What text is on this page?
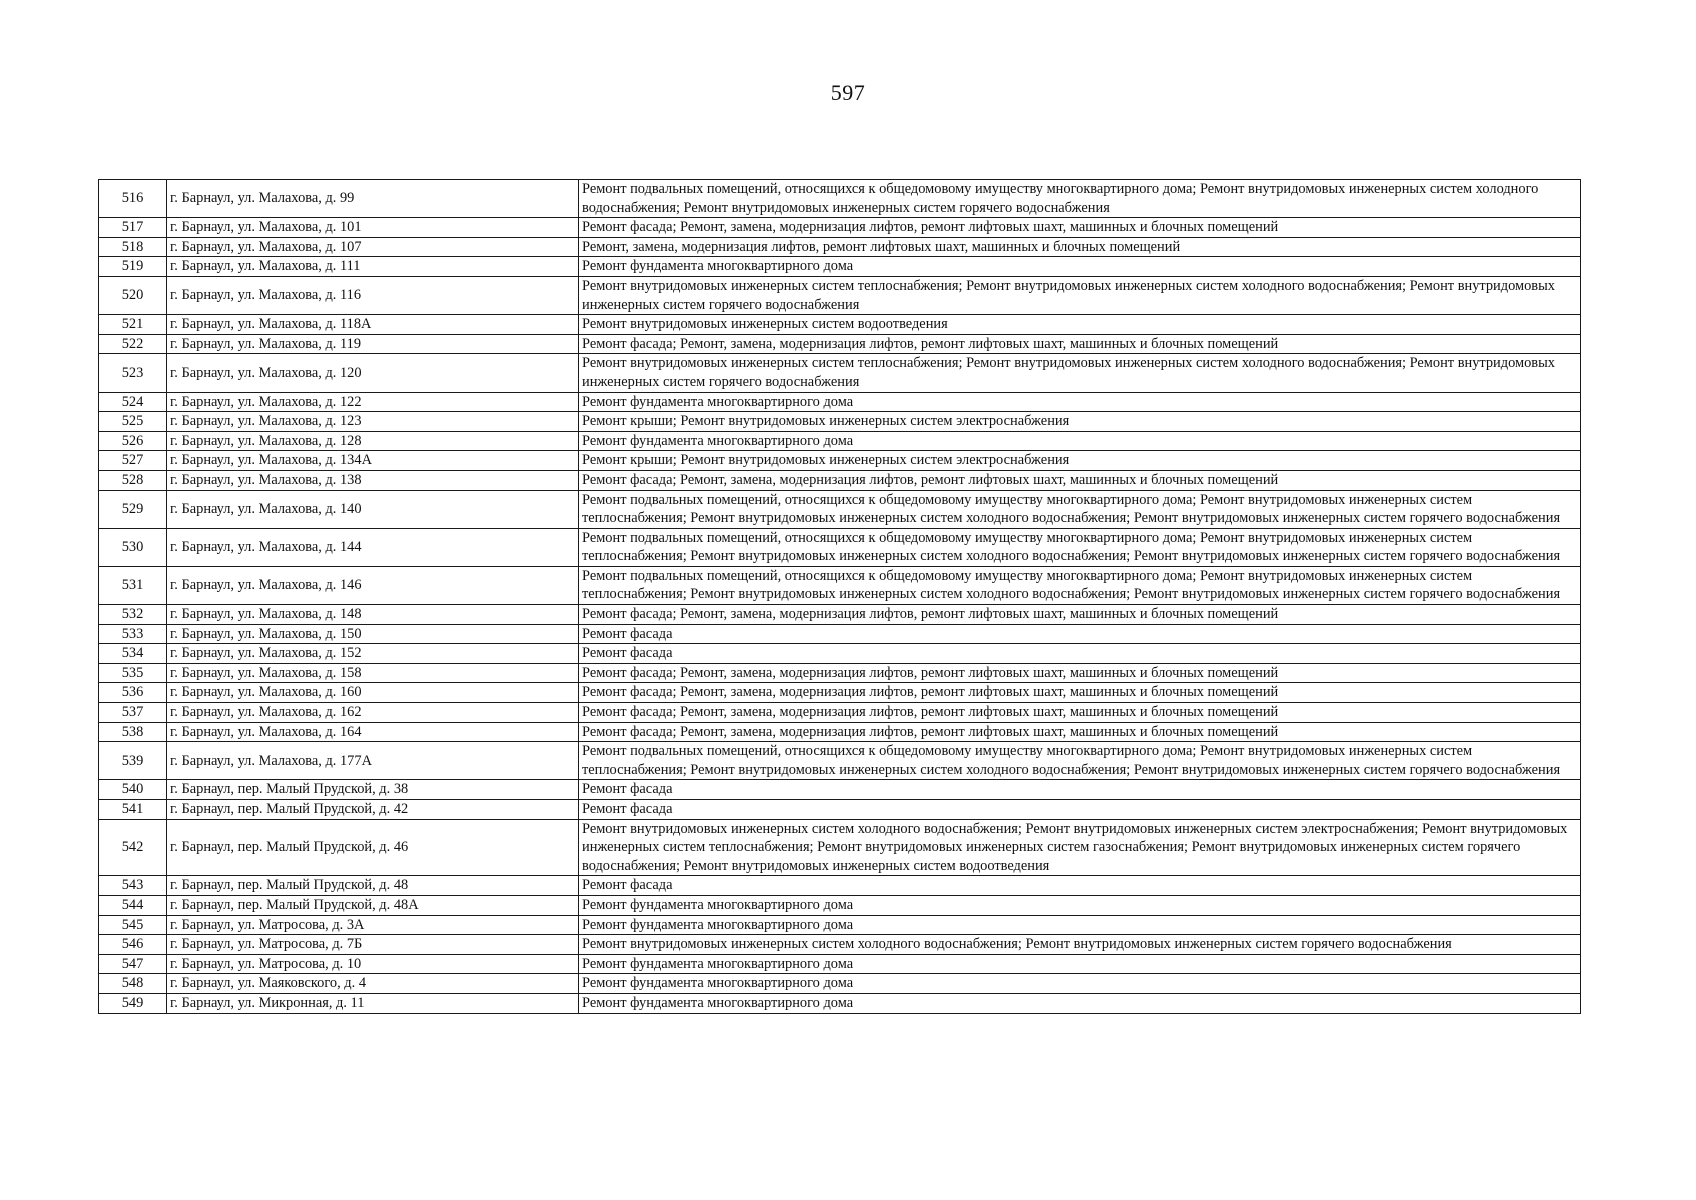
597
516	г. Барнаул, ул. Малахова, д. 99	Ремонт подвальных помещений, относящихся к общедомовому имуществу многоквартирного дома; Ремонт внутридомовых инженерных систем холодного водоснабжения; Ремонт внутридомовых инженерных систем горячего водоснабжения
517	г. Барнаул, ул. Малахова, д. 101	Ремонт фасада; Ремонт, замена, модернизация лифтов, ремонт лифтовых шахт, машинных и блочных помещений
518	г. Барнаул, ул. Малахова, д. 107	Ремонт, замена, модернизация лифтов, ремонт лифтовых шахт, машинных и блочных помещений
519	г. Барнаул, ул. Малахова, д. 111	Ремонт фундамента многоквартирного дома
520	г. Барнаул, ул. Малахова, д. 116	Ремонт внутридомовых инженерных систем теплоснабжения; Ремонт внутридомовых инженерных систем холодного водоснабжения; Ремонт внутридомовых инженерных систем горячего водоснабжения
521	г. Барнаул, ул. Малахова, д. 118А	Ремонт внутридомовых инженерных систем водоотведения
522	г. Барнаул, ул. Малахова, д. 119	Ремонт фасада; Ремонт, замена, модернизация лифтов, ремонт лифтовых шахт, машинных и блочных помещений
523	г. Барнаул, ул. Малахова, д. 120	Ремонт внутридомовых инженерных систем теплоснабжения; Ремонт внутридомовых инженерных систем холодного водоснабжения; Ремонт внутридомовых инженерных систем горячего водоснабжения
524	г. Барнаул, ул. Малахова, д. 122	Ремонт фундамента многоквартирного дома
525	г. Барнаул, ул. Малахова, д. 123	Ремонт крыши; Ремонт внутридомовых инженерных систем электроснабжения
526	г. Барнаул, ул. Малахова, д. 128	Ремонт фундамента многоквартирного дома
527	г. Барнаул, ул. Малахова, д. 134А	Ремонт крыши; Ремонт внутридомовых инженерных систем электроснабжения
528	г. Барнаул, ул. Малахова, д. 138	Ремонт фасада; Ремонт, замена, модернизация лифтов, ремонт лифтовых шахт, машинных и блочных помещений
529	г. Барнаул, ул. Малахова, д. 140	Ремонт подвальных помещений, относящихся к общедомовому имуществу многоквартирного дома; Ремонт внутридомовых инженерных систем теплоснабжения; Ремонт внутридомовых инженерных систем холодного водоснабжения; Ремонт внутридомовых инженерных систем горячего водоснабжения
530	г. Барнаул, ул. Малахова, д. 144	Ремонт подвальных помещений, относящихся к общедомовому имуществу многоквартирного дома; Ремонт внутридомовых инженерных систем теплоснабжения; Ремонт внутридомовых инженерных систем холодного водоснабжения; Ремонт внутридомовых инженерных систем горячего водоснабжения
531	г. Барнаул, ул. Малахова, д. 146	Ремонт подвальных помещений, относящихся к общедомовому имуществу многоквартирного дома; Ремонт внутридомовых инженерных систем теплоснабжения; Ремонт внутридомовых инженерных систем холодного водоснабжения; Ремонт внутридомовых инженерных систем горячего водоснабжения
532	г. Барнаул, ул. Малахова, д. 148	Ремонт фасада; Ремонт, замена, модернизация лифтов, ремонт лифтовых шахт, машинных и блочных помещений
533	г. Барнаул, ул. Малахова, д. 150	Ремонт фасада
534	г. Барнаул, ул. Малахова, д. 152	Ремонт фасада
535	г. Барнаул, ул. Малахова, д. 158	Ремонт фасада; Ремонт, замена, модернизация лифтов, ремонт лифтовых шахт, машинных и блочных помещений
536	г. Барнаул, ул. Малахова, д. 160	Ремонт фасада; Ремонт, замена, модернизация лифтов, ремонт лифтовых шахт, машинных и блочных помещений
537	г. Барнаул, ул. Малахова, д. 162	Ремонт фасада; Ремонт, замена, модернизация лифтов, ремонт лифтовых шахт, машинных и блочных помещений
538	г. Барнаул, ул. Малахова, д. 164	Ремонт фасада; Ремонт, замена, модернизация лифтов, ремонт лифтовых шахт, машинных и блочных помещений
539	г. Барнаул, ул. Малахова, д. 177А	Ремонт подвальных помещений, относящихся к общедомовому имуществу многоквартирного дома; Ремонт внутридомовых инженерных систем теплоснабжения; Ремонт внутридомовых инженерных систем холодного водоснабжения; Ремонт внутридомовых инженерных систем горячего водоснабжения
540	г. Барнаул, пер. Малый Прудской, д. 38	Ремонт фасада
541	г. Барнаул, пер. Малый Прудской, д. 42	Ремонт фасада
542	г. Барнаул, пер. Малый Прудской, д. 46	Ремонт внутридомовых инженерных систем холодного водоснабжения; Ремонт внутридомовых инженерных систем электроснабжения; Ремонт внутридомовых инженерных систем теплоснабжения; Ремонт внутридомовых инженерных систем газоснабжения; Ремонт внутридомовых инженерных систем горячего водоснабжения; Ремонт внутридомовых инженерных систем водоотведения
543	г. Барнаул, пер. Малый Прудской, д. 48	Ремонт фасада
544	г. Барнаул, пер. Малый Прудской, д. 48А	Ремонт фундамента многоквартирного дома
545	г. Барнаул, ул. Матросова, д. 3А	Ремонт фундамента многоквартирного дома
546	г. Барнаул, ул. Матросова, д. 7Б	Ремонт внутридомовых инженерных систем холодного водоснабжения; Ремонт внутридомовых инженерных систем горячего водоснабжения
547	г. Барнаул, ул. Матросова, д. 10	Ремонт фундамента многоквартирного дома
548	г. Барнаул, ул. Маяковского, д. 4	Ремонт фундамента многоквартирного дома
549	г. Барнаул, ул. Микронная, д. 11	Ремонт фундамента многоквартирного дома
